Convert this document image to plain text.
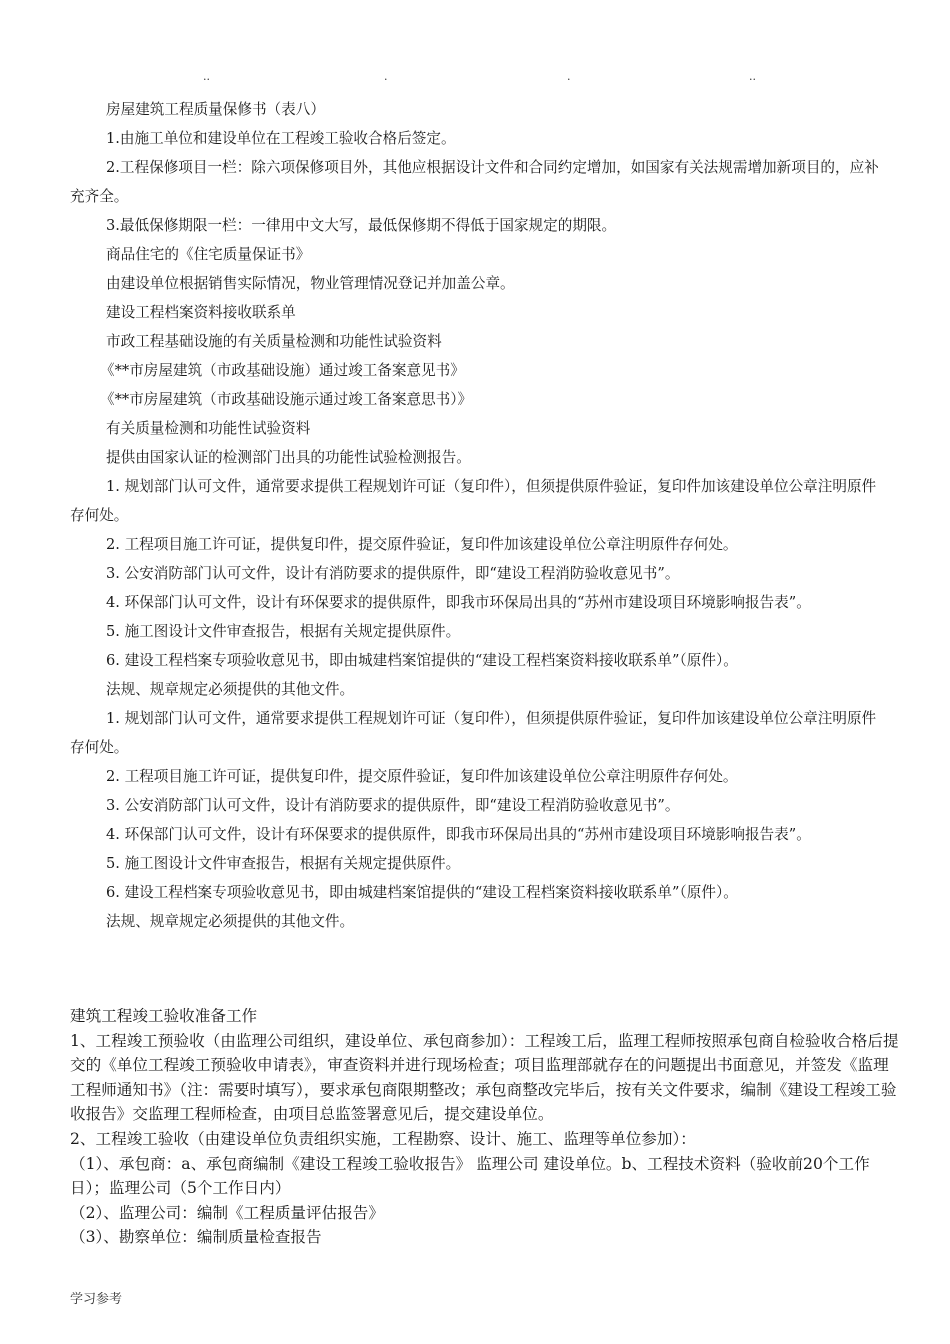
..	.	.	..

房屋建筑工程质量保修书（表八）

1.由施工单位和建设单位在工程竣工验收合格后签定。

2.工程保修项目一栏：除六项保修项目外，其他应根据设计文件和合同约定增加，如国家有关法规需增加新项目的，应补充齐全。

3.最低保修期限一栏：一律用中文大写，最低保修期不得低于国家规定的期限。

商品住宅的《住宅质量保证书》

由建设单位根据销售实际情况，物业管理情况登记并加盖公章。

建设工程档案资料接收联系单

市政工程基础设施的有关质量检测和功能性试验资料

《**市房屋建筑（市政基础设施）通过竣工备案意见书》

《**市房屋建筑（市政基础设施示通过竣工备案意思书）》

有关质量检测和功能性试验资料

提供由国家认证的检测部门出具的功能性试验检测报告。

1. 规划部门认可文件，通常要求提供工程规划许可证（复印件），但须提供原件验证，复印件加该建设单位公章注明原件存何处。

2. 工程项目施工许可证，提供复印件，提交原件验证，复印件加该建设单位公章注明原件存何处。

3. 公安消防部门认可文件，设计有消防要求的提供原件，即“建设工程消防验收意见书”。

4. 环保部门认可文件，设计有环保要求的提供原件，即我市环保局出具的“苏州市建设项目环境影响报告表”。

5. 施工图设计文件审查报告，根据有关规定提供原件。

6. 建设工程档案专项验收意见书，即由城建档案馆提供的“建设工程档案资料接收联系单”（原件）。

法规、规章规定必须提供的其他文件。

1. 规划部门认可文件，通常要求提供工程规划许可证（复印件），但须提供原件验证，复印件加该建设单位公章注明原件存何处。

2. 工程项目施工许可证，提供复印件，提交原件验证，复印件加该建设单位公章注明原件存何处。

3. 公安消防部门认可文件，设计有消防要求的提供原件，即“建设工程消防验收意见书”。

4. 环保部门认可文件，设计有环保要求的提供原件，即我市环保局出具的“苏州市建设项目环境影响报告表”。

5. 施工图设计文件审查报告，根据有关规定提供原件。

6. 建设工程档案专项验收意见书，即由城建档案馆提供的“建设工程档案资料接收联系单”（原件）。

法规、规章规定必须提供的其他文件。

建筑工程竣工验收准备工作

1、工程竣工预验收（由监理公司组织，建设单位、承包商参加）：工程竣工后，监理工程师按照承包商自检验收合格后提交的《单位工程竣工预验收申请表》，审查资料并进行现场检查；项目监理部就存在的问题提出书面意见，并签发《监理工程师通知书》（注：需要时填写），要求承包商限期整改；承包商整改完毕后，按有关文件要求，编制《建设工程竣工验收报告》交监理工程师检查，由项目总监签署意见后，提交建设单位。

2、工程竣工验收（由建设单位负责组织实施，工程勘察、设计、施工、监理等单位参加）：

（1）、承包商：a、承包商编制《建设工程竣工验收报告》 监理公司 建设单位。b、工程技术资料（验收前20个工作日）；监理公司（5个工作日内）

（2）、监理公司：编制《工程质量评估报告》

（3）、勘察单位：编制质量检查报告

学习参考
